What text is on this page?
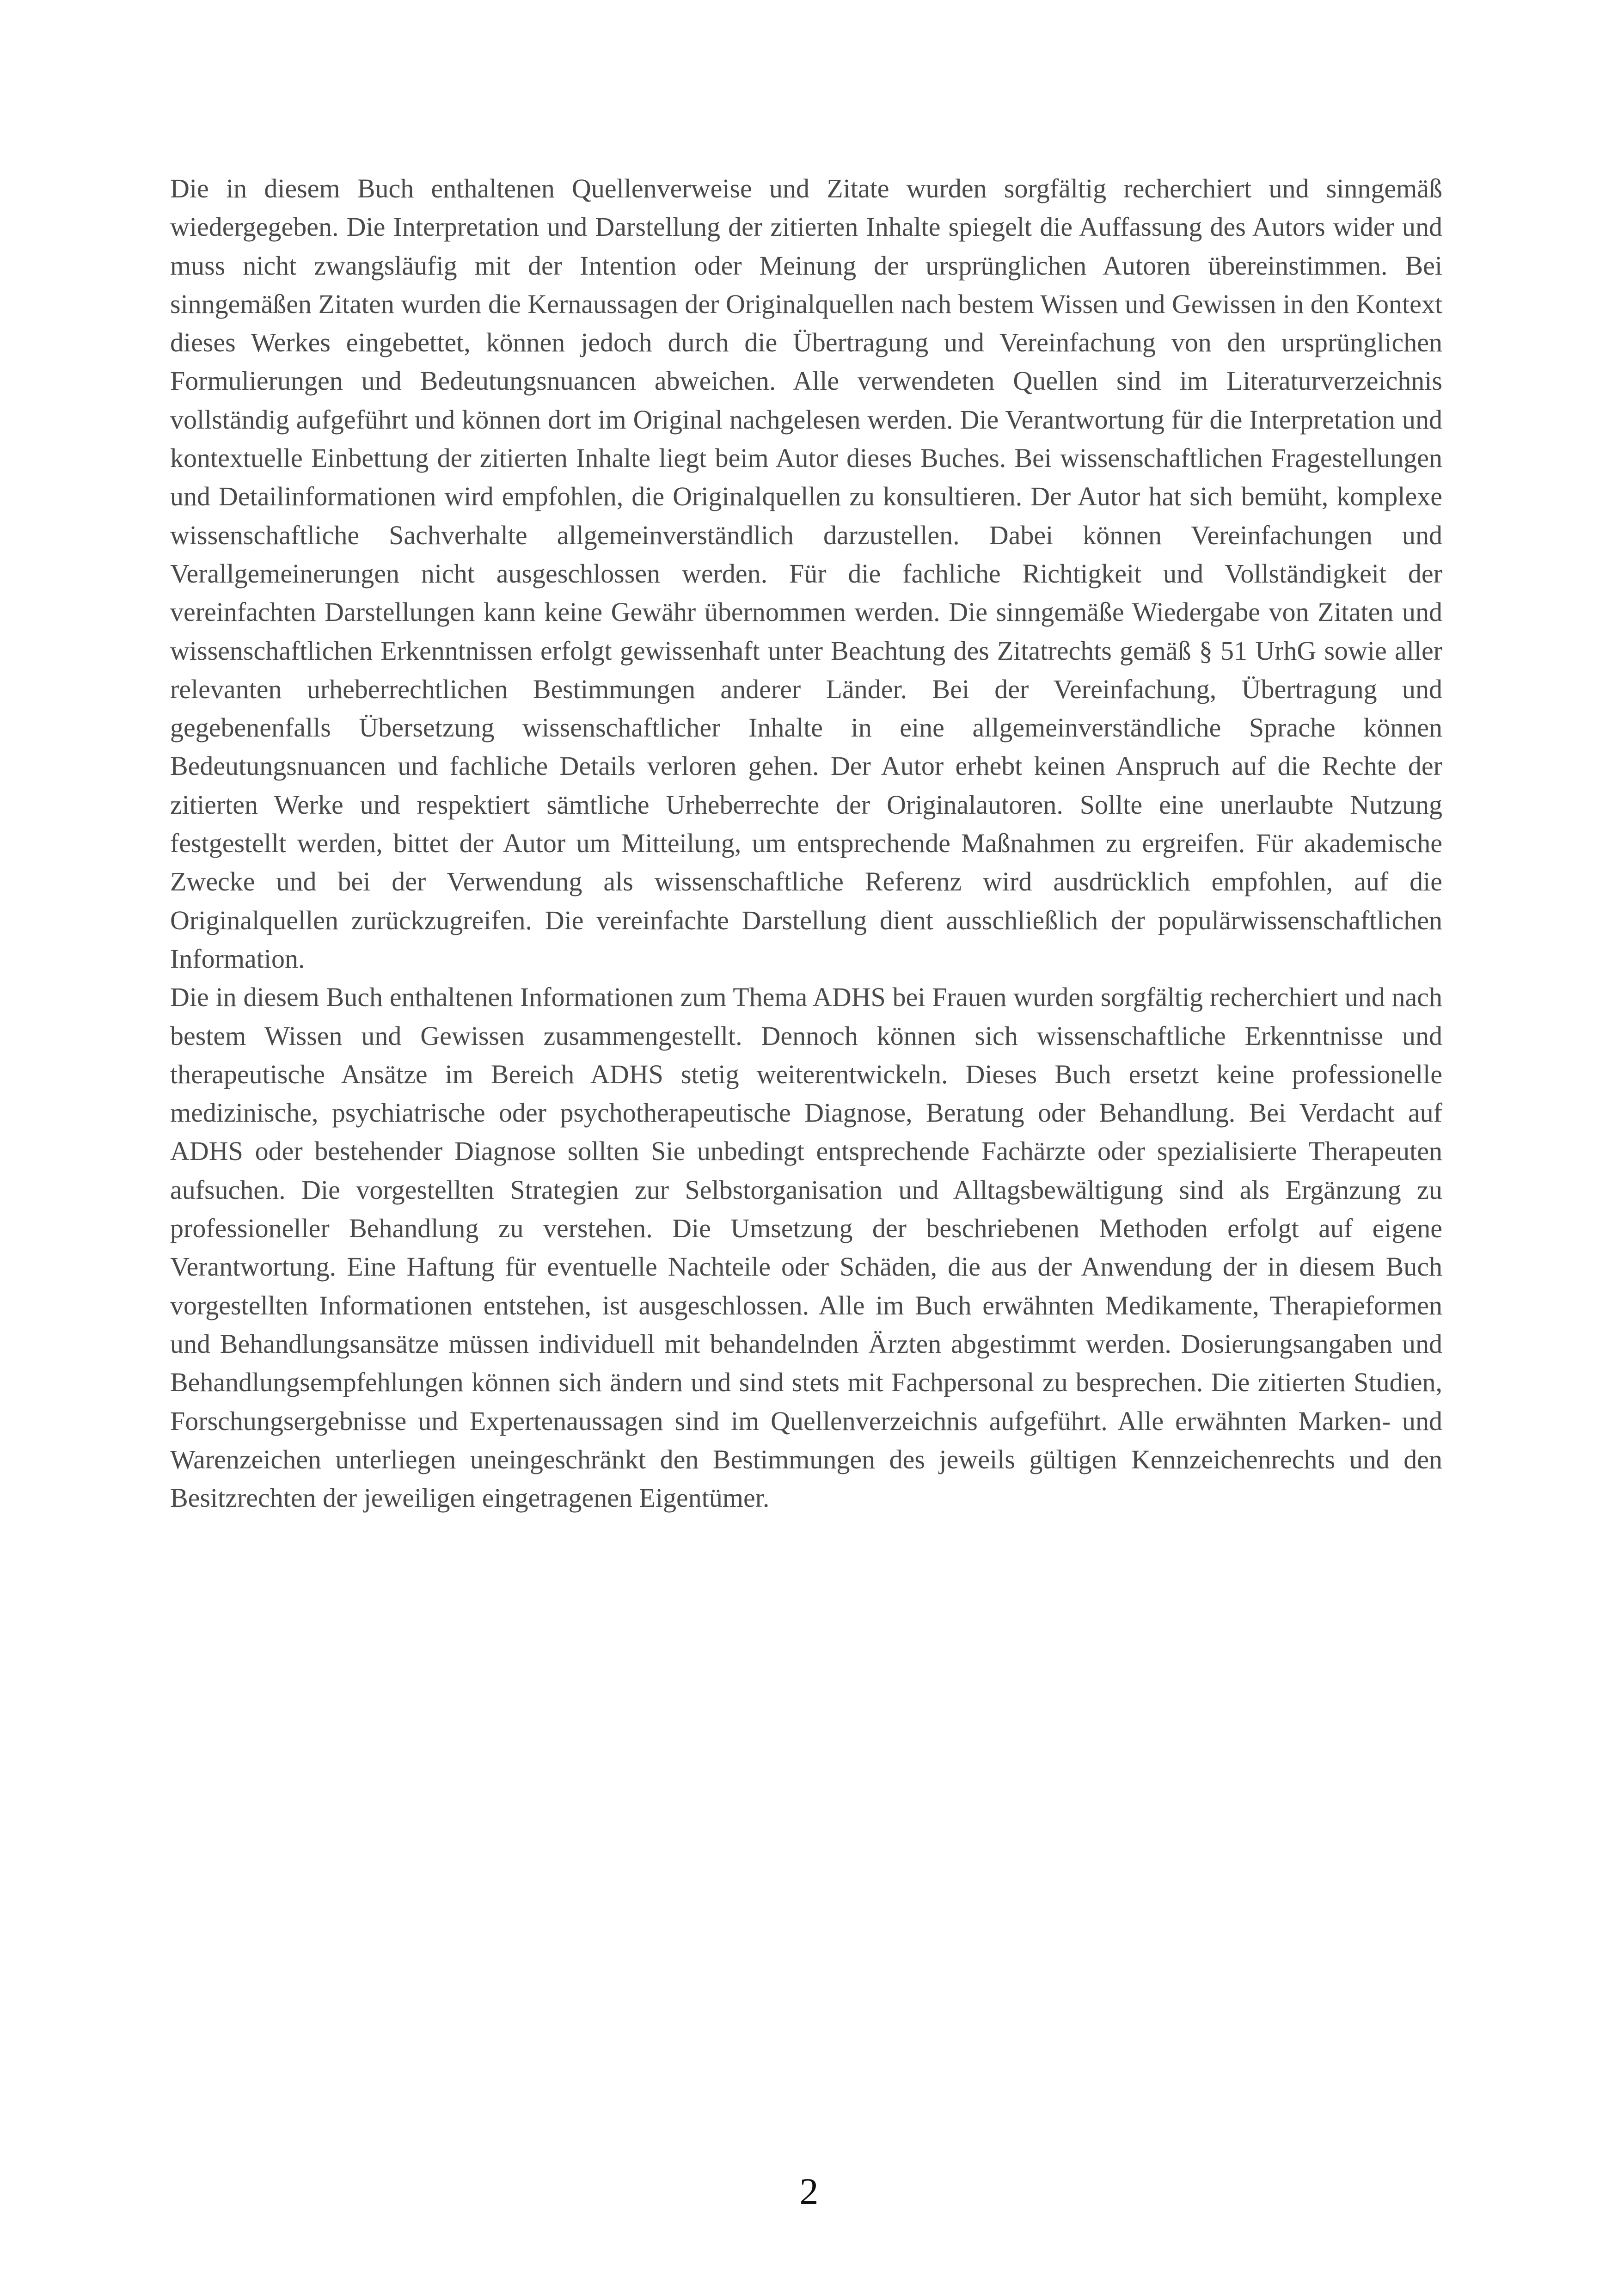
Die in diesem Buch enthaltenen Quellenverweise und Zitate wurden sorgfältig recherchiert und sinngemäß wiedergegeben. Die Interpretation und Darstellung der zitierten Inhalte spiegelt die Auffassung des Autors wider und muss nicht zwangsläufig mit der Intention oder Meinung der ursprünglichen Autoren übereinstimmen. Bei sinngemäßen Zitaten wurden die Kernaussagen der Originalquellen nach bestem Wissen und Gewissen in den Kontext dieses Werkes eingebettet, können jedoch durch die Übertragung und Vereinfachung von den ursprünglichen Formulierungen und Bedeutungsnuancen abweichen. Alle verwendeten Quellen sind im Literaturverzeichnis vollständig aufgeführt und können dort im Original nachgelesen werden. Die Verantwortung für die Interpretation und kontextuelle Einbettung der zitierten Inhalte liegt beim Autor dieses Buches. Bei wissenschaftlichen Fragestellungen und Detailinformationen wird empfohlen, die Originalquellen zu konsultieren. Der Autor hat sich bemüht, komplexe wissenschaftliche Sachverhalte allgemeinverständlich darzustellen. Dabei können Vereinfachungen und Verallgemeinerungen nicht ausgeschlossen werden. Für die fachliche Richtigkeit und Vollständigkeit der vereinfachten Darstellungen kann keine Gewähr übernommen werden. Die sinngemäße Wiedergabe von Zitaten und wissenschaftlichen Erkenntnissen erfolgt gewissenhaft unter Beachtung des Zitatrechts gemäß § 51 UrhG sowie aller relevanten urheberrechtlichen Bestimmungen anderer Länder. Bei der Vereinfachung, Übertragung und gegebenenfalls Übersetzung wissenschaftlicher Inhalte in eine allgemeinverständliche Sprache können Bedeutungsnuancen und fachliche Details verloren gehen. Der Autor erhebt keinen Anspruch auf die Rechte der zitierten Werke und respektiert sämtliche Urheberrechte der Originalautoren. Sollte eine unerlaubte Nutzung festgestellt werden, bittet der Autor um Mitteilung, um entsprechende Maßnahmen zu ergreifen. Für akademische Zwecke und bei der Verwendung als wissenschaftliche Referenz wird ausdrücklich empfohlen, auf die Originalquellen zurückzugreifen. Die vereinfachte Darstellung dient ausschließlich der populärwissenschaftlichen Information.

Die in diesem Buch enthaltenen Informationen zum Thema ADHS bei Frauen wurden sorgfältig recherchiert und nach bestem Wissen und Gewissen zusammengestellt. Dennoch können sich wissenschaftliche Erkenntnisse und therapeutische Ansätze im Bereich ADHS stetig weiterentwickeln. Dieses Buch ersetzt keine professionelle medizinische, psychiatrische oder psychotherapeutische Diagnose, Beratung oder Behandlung. Bei Verdacht auf ADHS oder bestehender Diagnose sollten Sie unbedingt entsprechende Fachärzte oder spezialisierte Therapeuten aufsuchen. Die vorgestellten Strategien zur Selbstorganisation und Alltagsbewältigung sind als Ergänzung zu professioneller Behandlung zu verstehen. Die Umsetzung der beschriebenen Methoden erfolgt auf eigene Verantwortung. Eine Haftung für eventuelle Nachteile oder Schäden, die aus der Anwendung der in diesem Buch vorgestellten Informationen entstehen, ist ausgeschlossen. Alle im Buch erwähnten Medikamente, Therapieformen und Behandlungsansätze müssen individuell mit behandelnden Ärzten abgestimmt werden. Dosierungsangaben und Behandlungsempfehlungen können sich ändern und sind stets mit Fachpersonal zu besprechen. Die zitierten Studien, Forschungsergebnisse und Expertenaussagen sind im Quellenverzeichnis aufgeführt. Alle erwähnten Marken- und Warenzeichen unterliegen uneingeschränkt den Bestimmungen des jeweils gültigen Kennzeichenrechts und den Besitzrechten der jeweiligen eingetragenen Eigentümer.

2
